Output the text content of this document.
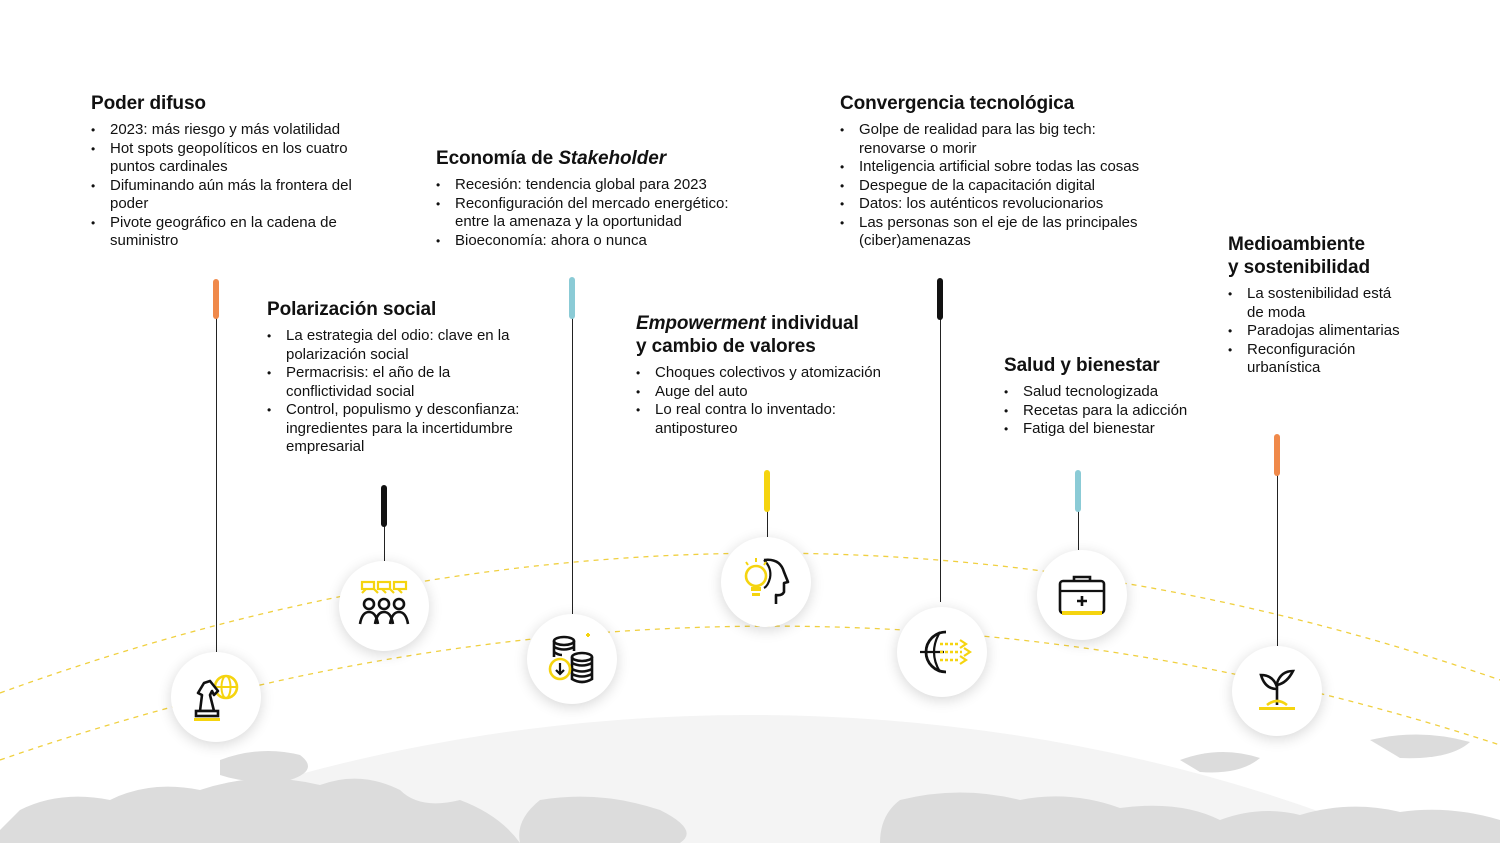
Poder difuso
• 2023: más riesgo y más volatilidad
• Hot spots geopolíticos en los cuatro puntos cardinales
• Difuminando aún más la frontera del poder
• Pivote geográfico en la cadena de suministro
Polarización social
• La estrategia del odio: clave en la polarización social
• Permacrisis: el año de la conflictividad social
• Control, populismo y desconfianza: ingredientes para la incertidumbre empresarial
Economía de Stakeholder
• Recesión: tendencia global para 2023
• Reconfiguración del mercado energético: entre la amenaza y la oportunidad
• Bioeconomía: ahora o nunca
Empowerment individual
y cambio de valores
• Choques colectivos y atomización
• Auge del auto
• Lo real contra lo inventado: antipostureo
Convergencia tecnológica
• Golpe de realidad para las big tech: renovarse o morir
• Inteligencia artificial sobre todas las cosas
• Despegue de la capacitación digital
• Datos: los auténticos revolucionarios
• Las personas son el eje de las principales (ciber)amenazas
Salud y bienestar
• Salud tecnologizada
• Recetas para la adicción
• Fatiga del bienestar
Medioambiente
y sostenibilidad
• La sostenibilidad está de moda
• Paradojas alimentarias
• Reconfiguración urbanística
